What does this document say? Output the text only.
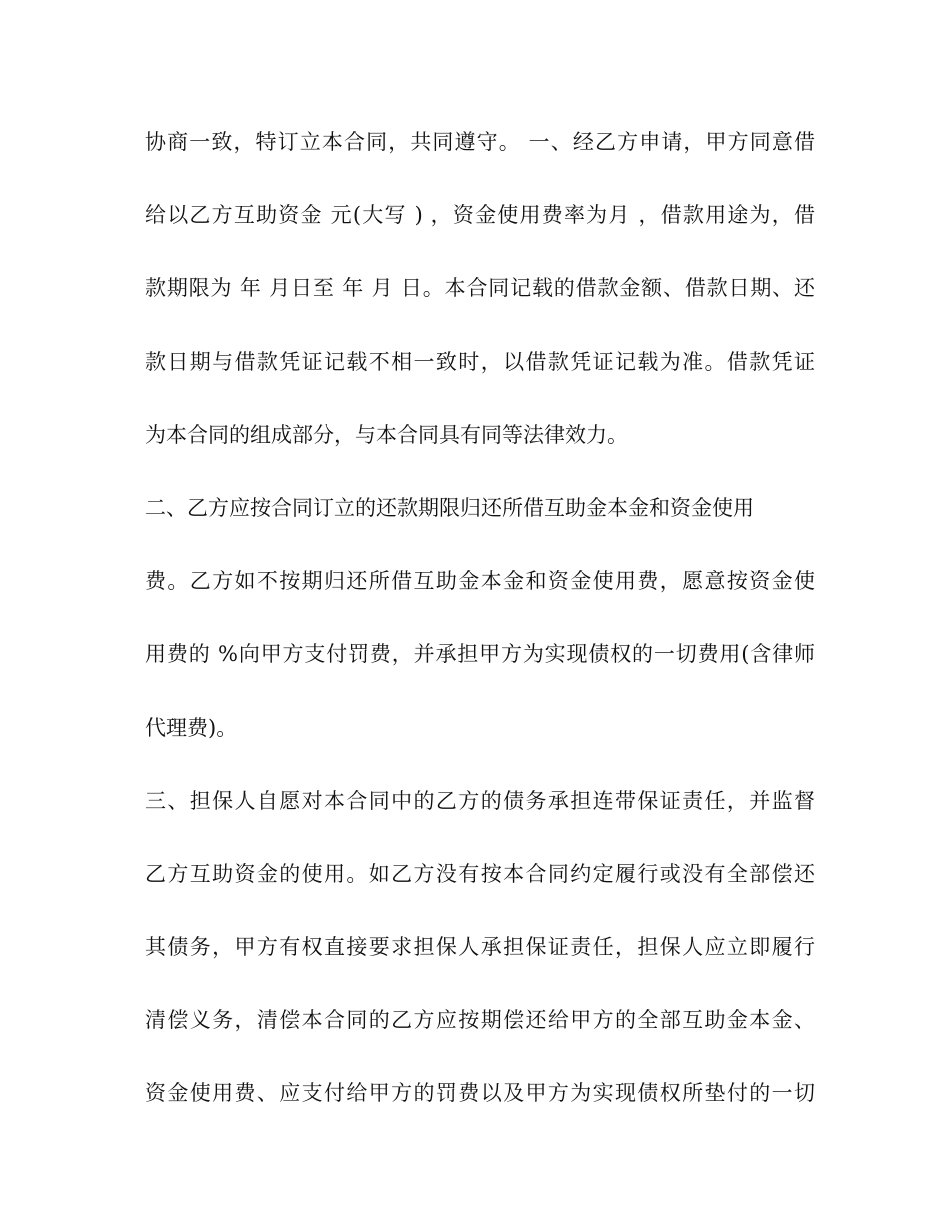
协商一致，特订立本合同，共同遵守。 一、经乙方申请，甲方同意借
给以乙方互助资金 元(大写 ) ，资金使用费率为月 ，借款用途为，借
款期限为 年 月日至 年 月 日。本合同记载的借款金额、借款日期、还
款日期与借款凭证记载不相一致时，以借款凭证记载为准。借款凭证
为本合同的组成部分，与本合同具有同等法律效力。
二、乙方应按合同订立的还款期限归还所借互助金本金和资金使用
费。乙方如不按期归还所借互助金本金和资金使用费，愿意按资金使
用费的 %向甲方支付罚费，并承担甲方为实现债权的一切费用(含律师
代理费)。
三、担保人自愿对本合同中的乙方的债务承担连带保证责任，并监督
乙方互助资金的使用。如乙方没有按本合同约定履行或没有全部偿还
其债务，甲方有权直接要求担保人承担保证责任，担保人应立即履行
清偿义务，清偿本合同的乙方应按期偿还给甲方的全部互助金本金、
资金使用费、应支付给甲方的罚费以及甲方为实现债权所垫付的一切
